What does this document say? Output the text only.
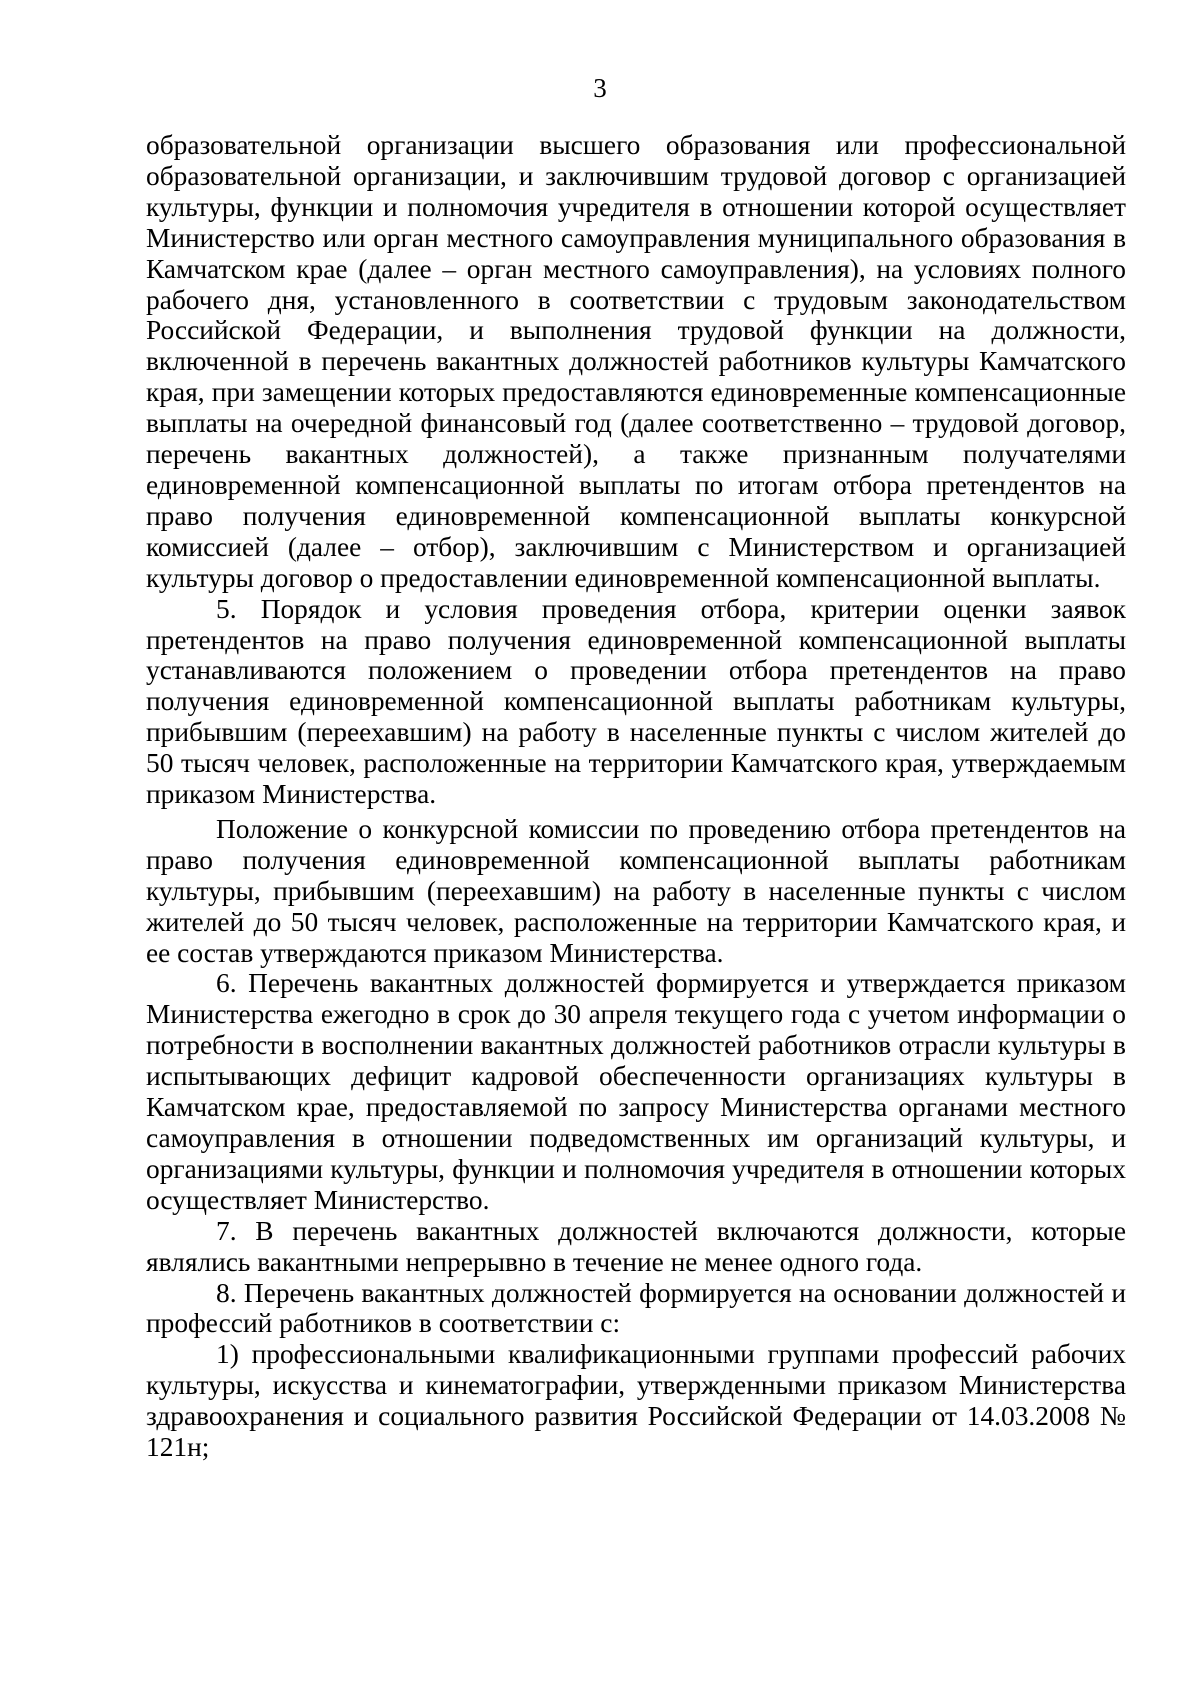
3

образовательной организации высшего образования или профессиональной образовательной организации, и заключившим трудовой договор с организацией культуры, функции и полномочия учредителя в отношении которой осуществляет Министерство или орган местного самоуправления муниципального образования в Камчатском крае (далее – орган местного самоуправления), на условиях полного рабочего дня, установленного в соответствии с трудовым законодательством Российской Федерации, и выполнения трудовой функции на должности, включенной в перечень вакантных должностей работников культуры Камчатского края, при замещении которых предоставляются единовременные компенсационные выплаты на очередной финансовый год (далее соответственно – трудовой договор, перечень вакантных должностей), а также признанным получателями единовременной компенсационной выплаты по итогам отбора претендентов на право получения единовременной компенсационной выплаты конкурсной комиссией (далее – отбор), заключившим с Министерством и организацией культуры договор о предоставлении единовременной компенсационной выплаты.

5. Порядок и условия проведения отбора, критерии оценки заявок претендентов на право получения единовременной компенсационной выплаты устанавливаются положением о проведении отбора претендентов на право получения единовременной компенсационной выплаты работникам культуры, прибывшим (переехавшим) на работу в населенные пункты с числом жителей до 50 тысяч человек, расположенные на территории Камчатского края, утверждаемым приказом Министерства.

Положение о конкурсной комиссии по проведению отбора претендентов на право получения единовременной компенсационной выплаты работникам культуры, прибывшим (переехавшим) на работу в населенные пункты с числом жителей до 50 тысяч человек, расположенные на территории Камчатского края, и ее состав утверждаются приказом Министерства.

6. Перечень вакантных должностей формируется и утверждается приказом Министерства ежегодно в срок до 30 апреля текущего года с учетом информации о потребности в восполнении вакантных должностей работников отрасли культуры в испытывающих дефицит кадровой обеспеченности организациях культуры в Камчатском крае, предоставляемой по запросу Министерства органами местного самоуправления в отношении подведомственных им организаций культуры, и организациями культуры, функции и полномочия учредителя в отношении которых осуществляет Министерство.

7. В перечень вакантных должностей включаются должности, которые являлись вакантными непрерывно в течение не менее одного года.

8. Перечень вакантных должностей формируется на основании должностей и профессий работников в соответствии с:

1) профессиональными квалификационными группами профессий рабочих культуры, искусства и кинематографии, утвержденными приказом Министерства здравоохранения и социального развития Российской Федерации от 14.03.2008 № 121н;
